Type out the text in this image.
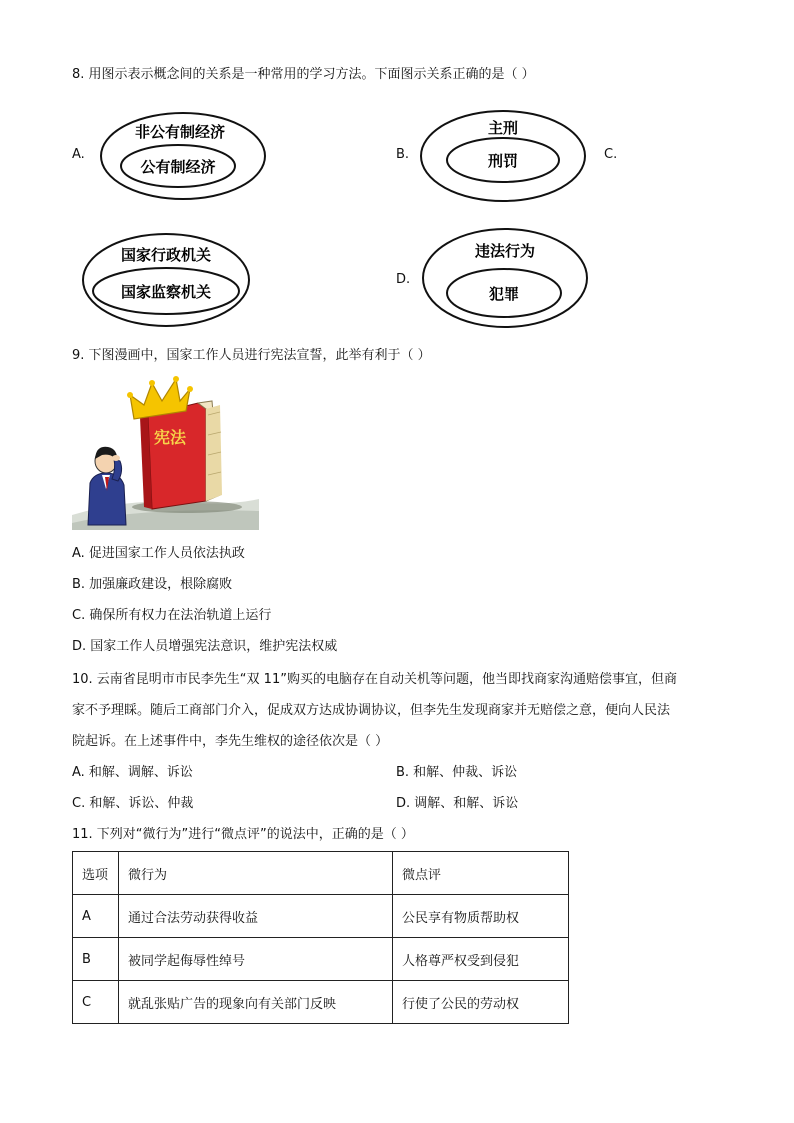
8. 用图示表示概念间的关系是一种常用的学习方法。下面图示关系正确的是（ ）
A.
非公有制经济
公有制经济
B.
主刑
刑罚	C.
国家行政机关
国家监察机关
D.
违法行为
犯罪
9. 下图漫画中，国家工作人员进行宪法宣誓，此举有利于（ ）
宪法
A. 促进国家工作人员依法执政
B. 加强廉政建设，根除腐败
C. 确保所有权力在法治轨道上运行
D. 国家工作人员增强宪法意识，维护宪法权威
10. 云南省昆明市市民李先生“双 11”购买的电脑存在自动关机等问题，他当即找商家沟通赔偿事宜，但商
家不予理睬。随后工商部门介入，促成双方达成协调协议，但李先生发现商家并无赔偿之意，便向人民法
院起诉。在上述事件中，李先生维权的途径依次是（ ）
A. 和解、调解、诉讼	B. 和解、仲裁、诉讼
C. 和解、诉讼、仲裁	D. 调解、和解、诉讼
11. 下列对“微行为”进行“微点评”的说法中，正确的是（ ）
选项	微行为	微点评
A	通过合法劳动获得收益	公民享有物质帮助权
B	被同学起侮辱性绰号	人格尊严权受到侵犯
C	就乱张贴广告的现象向有关部门反映	行使了公民的劳动权
